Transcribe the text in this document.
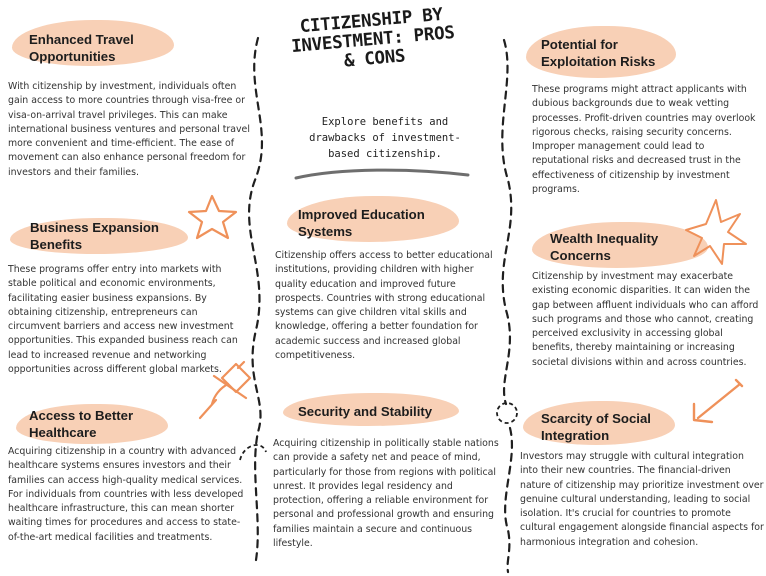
CITIZENSHIP BY INVESTMENT: PROS & CONS
Explore benefits and drawbacks of investment-based citizenship.
Enhanced Travel Opportunities
With citizenship by investment, individuals often gain access to more countries through visa-free or visa-on-arrival travel privileges. This can make international business ventures and personal travel more convenient and time-efficient. The ease of movement can also enhance personal freedom for investors and their families.
Business Expansion Benefits
These programs offer entry into markets with stable political and economic environments, facilitating easier business expansions. By obtaining citizenship, entrepreneurs can circumvent barriers and access new investment opportunities. This expanded business reach can lead to increased revenue and networking opportunities across different global markets.
Access to Better Healthcare
Acquiring citizenship in a country with advanced healthcare systems ensures investors and their families can access high-quality medical services. For individuals from countries with less developed healthcare infrastructure, this can mean shorter waiting times for procedures and access to state-of-the-art medical facilities and treatments.
Improved Education Systems
Citizenship offers access to better educational institutions, providing children with higher quality education and improved future prospects. Countries with strong educational systems can give children vital skills and knowledge, offering a better foundation for academic success and increased global competitiveness.
Security and Stability
Acquiring citizenship in politically stable nations can provide a safety net and peace of mind, particularly for those from regions with political unrest. It provides legal residency and protection, offering a reliable environment for personal and professional growth and ensuring families maintain a secure and continuous lifestyle.
Potential for Exploitation Risks
These programs might attract applicants with dubious backgrounds due to weak vetting processes. Profit-driven countries may overlook rigorous checks, raising security concerns. Improper management could lead to reputational risks and decreased trust in the effectiveness of citizenship by investment programs.
Wealth Inequality Concerns
Citizenship by investment may exacerbate existing economic disparities. It can widen the gap between affluent individuals who can afford such programs and those who cannot, creating perceived exclusivity in accessing global benefits, thereby maintaining or increasing societal divisions within and across countries.
Scarcity of Social Integration
Investors may struggle with cultural integration into their new countries. The financial-driven nature of citizenship may prioritize investment over genuine cultural understanding, leading to social isolation. It's crucial for countries to promote cultural engagement alongside financial aspects for harmonious integration and cohesion.
